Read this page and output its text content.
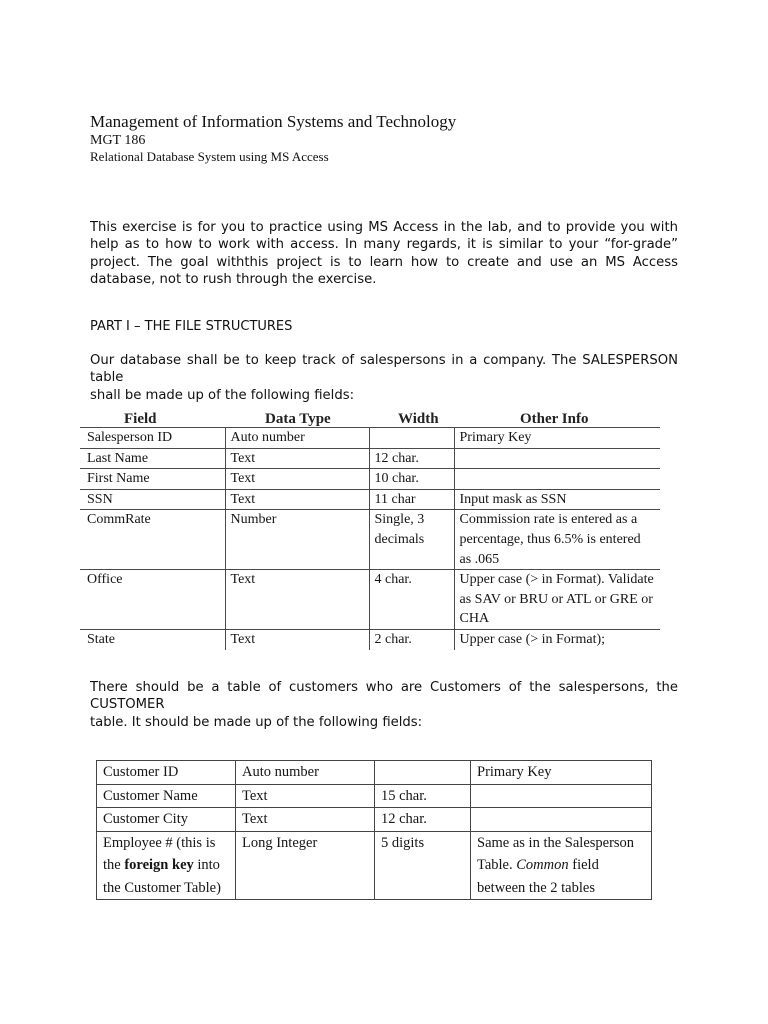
Management of Information Systems and Technology
MGT 186
Relational Database System using MS Access

This exercise is for you to practice using MS Access in the lab, and to provide you with help as to how to work with access. In many regards, it is similar to your “for-grade” project. The goal withthis project is to learn how to create and use an MS Access database, not to rush through the exercise.

PART I – THE FILE STRUCTURES
Our database shall be to keep track of salespersons in a company. The SALESPERSON table
shall be made up of the following fields:
Field	Data Type	Width	Other Info
Salesperson ID	Auto number		Primary Key
Last Name	Text	12 char.	
First Name	Text	10 char.	
SSN	Text	11 char	Input mask as SSN
CommRate	Number	Single, 3 decimals	Commission rate is entered as a percentage, thus 6.5% is entered as .065
Office	Text	4 char.	Upper case (> in Format). Validate as SAV or BRU or ATL or GRE or CHA
State	Text	2 char.	Upper case (> in Format);
There should be a table of customers who are Customers of the salespersons, the CUSTOMER
table. It should be made up of the following fields:
Customer ID	Auto number		Primary Key
Customer Name	Text	15 char.	
Customer City	Text	12 char.	
Employee # (this is the foreign key into the Customer Table)	Long Integer	5 digits	Same as in the Salesperson Table. Common field between the 2 tables
